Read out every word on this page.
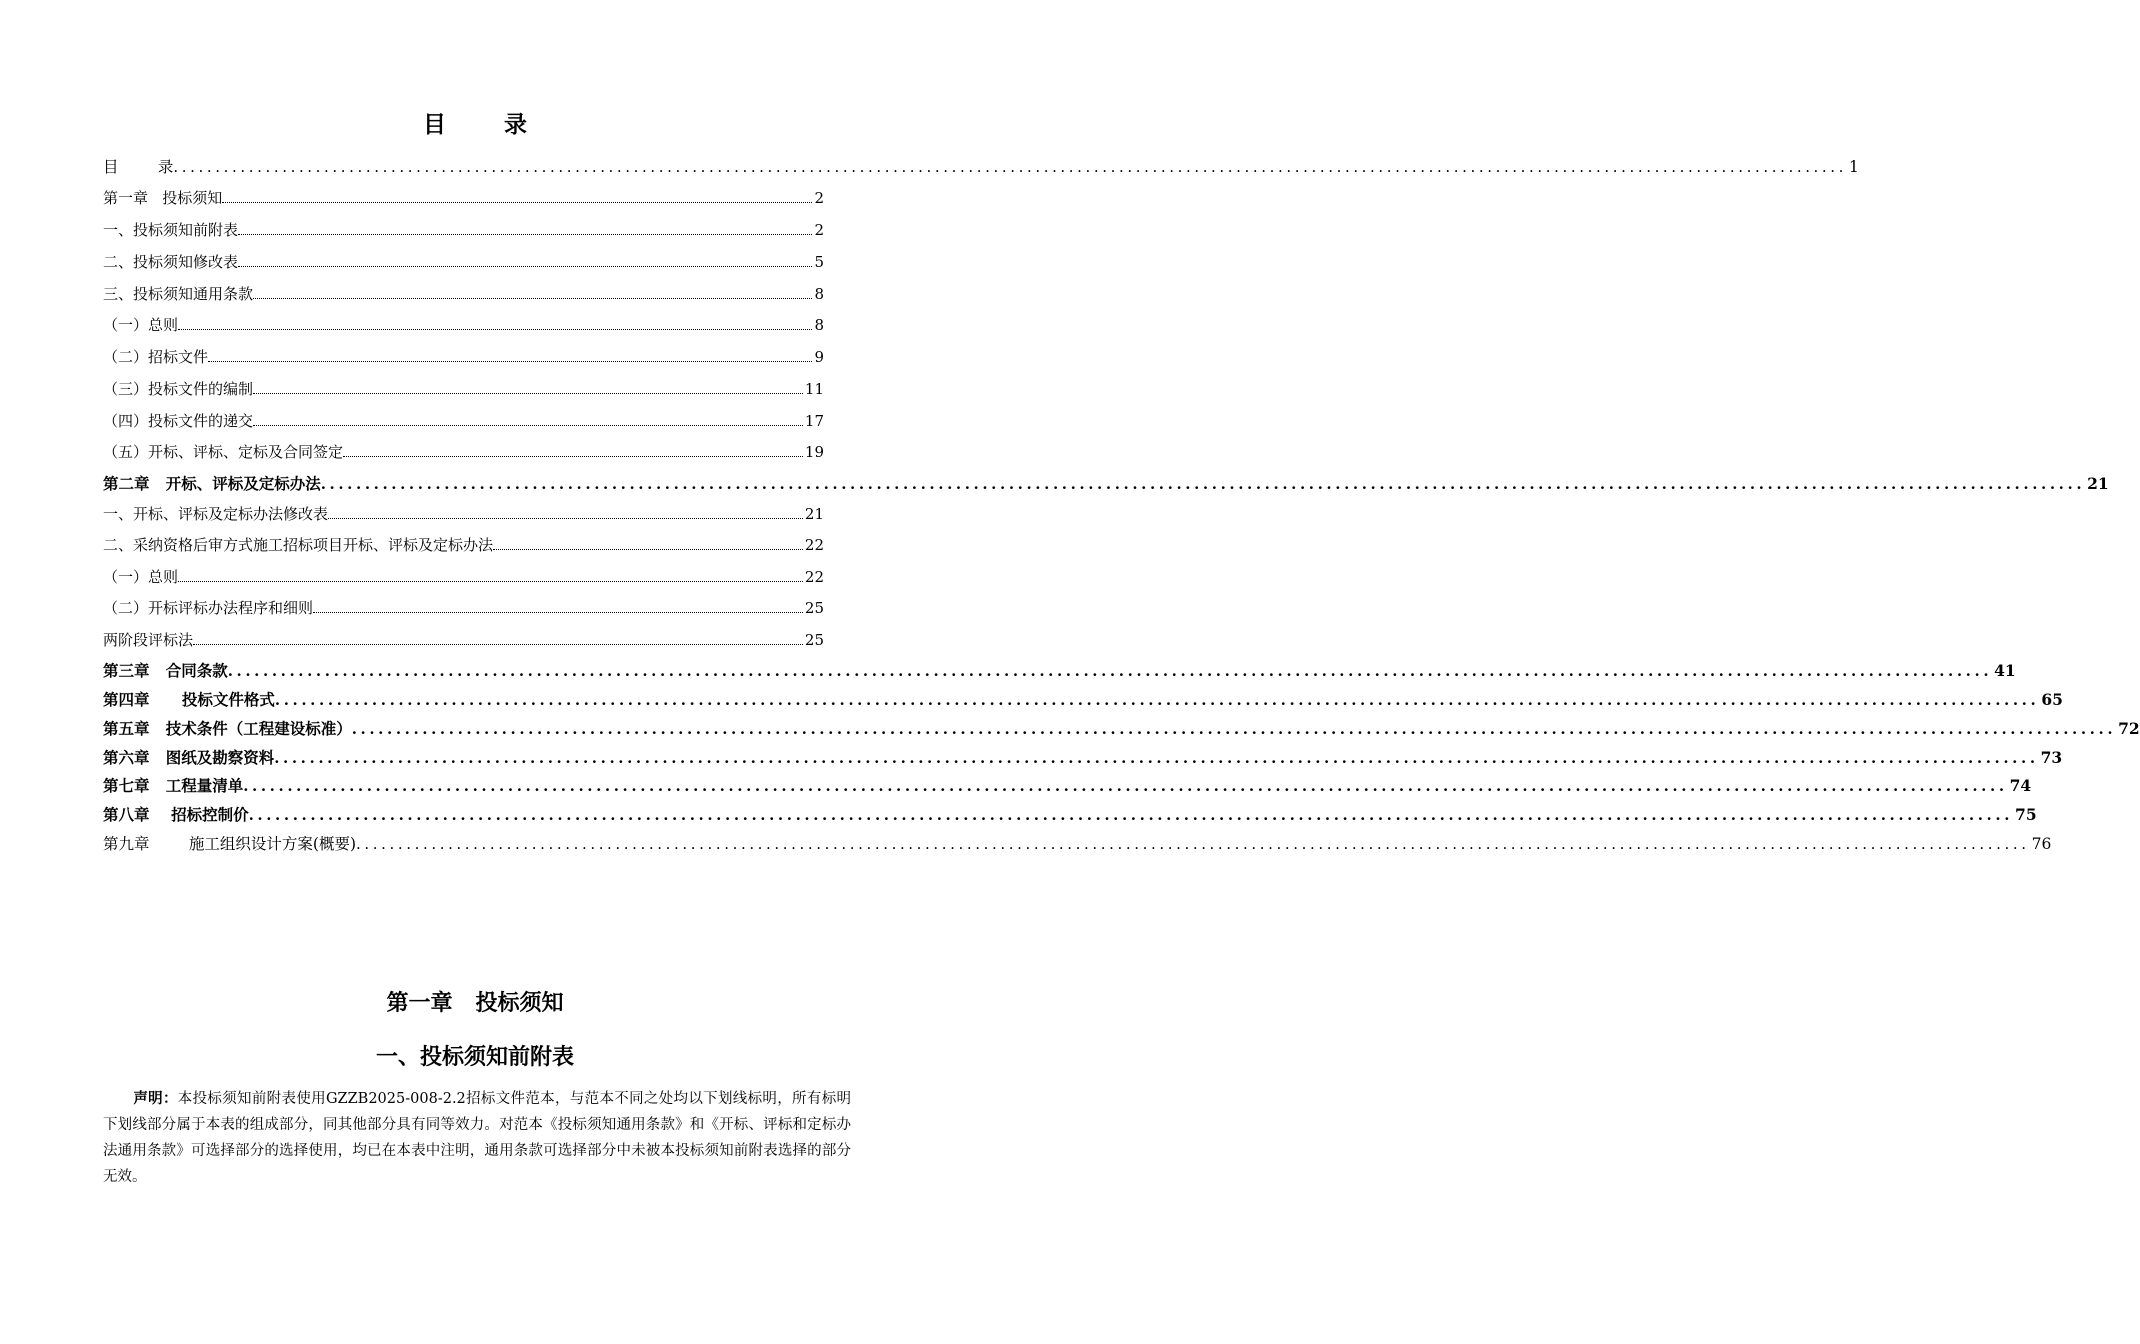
目	录
目        录 ........................................................................................................................................................................................................ 1
第一章   投标须知	2
一、投标须知前附表	2
二、投标须知修改表	5
三、投标须知通用条款	8
（一）总则	8
（二）招标文件	9
（三）投标文件的编制	11
（四）投标文件的递交	17
（五）开标、评标、定标及合同签定	19
第二章   开标、评标及定标办法 ........................................................................................................................................................................................................ 21
一、开标、评标及定标办法修改表	21
二、采纳资格后审方式施工招标项目开标、评标及定标办法	22
（一）总则	22
（二）开标评标办法程序和细则	25
两阶段评标法	25
第三章   合同条款 ........................................................................................................................................................................................................ 41
第四章      投标文件格式 ........................................................................................................................................................................................................ 65
第五章   技术条件（工程建设标准） ........................................................................................................................................................................................................ 72
第六章   图纸及勘察资料 ........................................................................................................................................................................................................ 73
第七章   工程量清单 ........................................................................................................................................................................................................ 74
第八章    招标控制价 ........................................................................................................................................................................................................ 75
第九章        施工组织设计方案(概要) ........................................................................................................................................................................................................ 76
第一章   投标须知
一、投标须知前附表
声明：本投标须知前附表使用GZZB2025-008-2.2招标文件范本，与范本不同之处均以下划线标明，所有标明下划线部分属于本表的组成部分，同其他部分具有同等效力。对范本《投标须知通用条款》和《开标、评标和定标办法通用条款》可选择部分的选择使用，均已在本表中注明，通用条款可选择部分中未被本投标须知前附表选择的部分无效。
